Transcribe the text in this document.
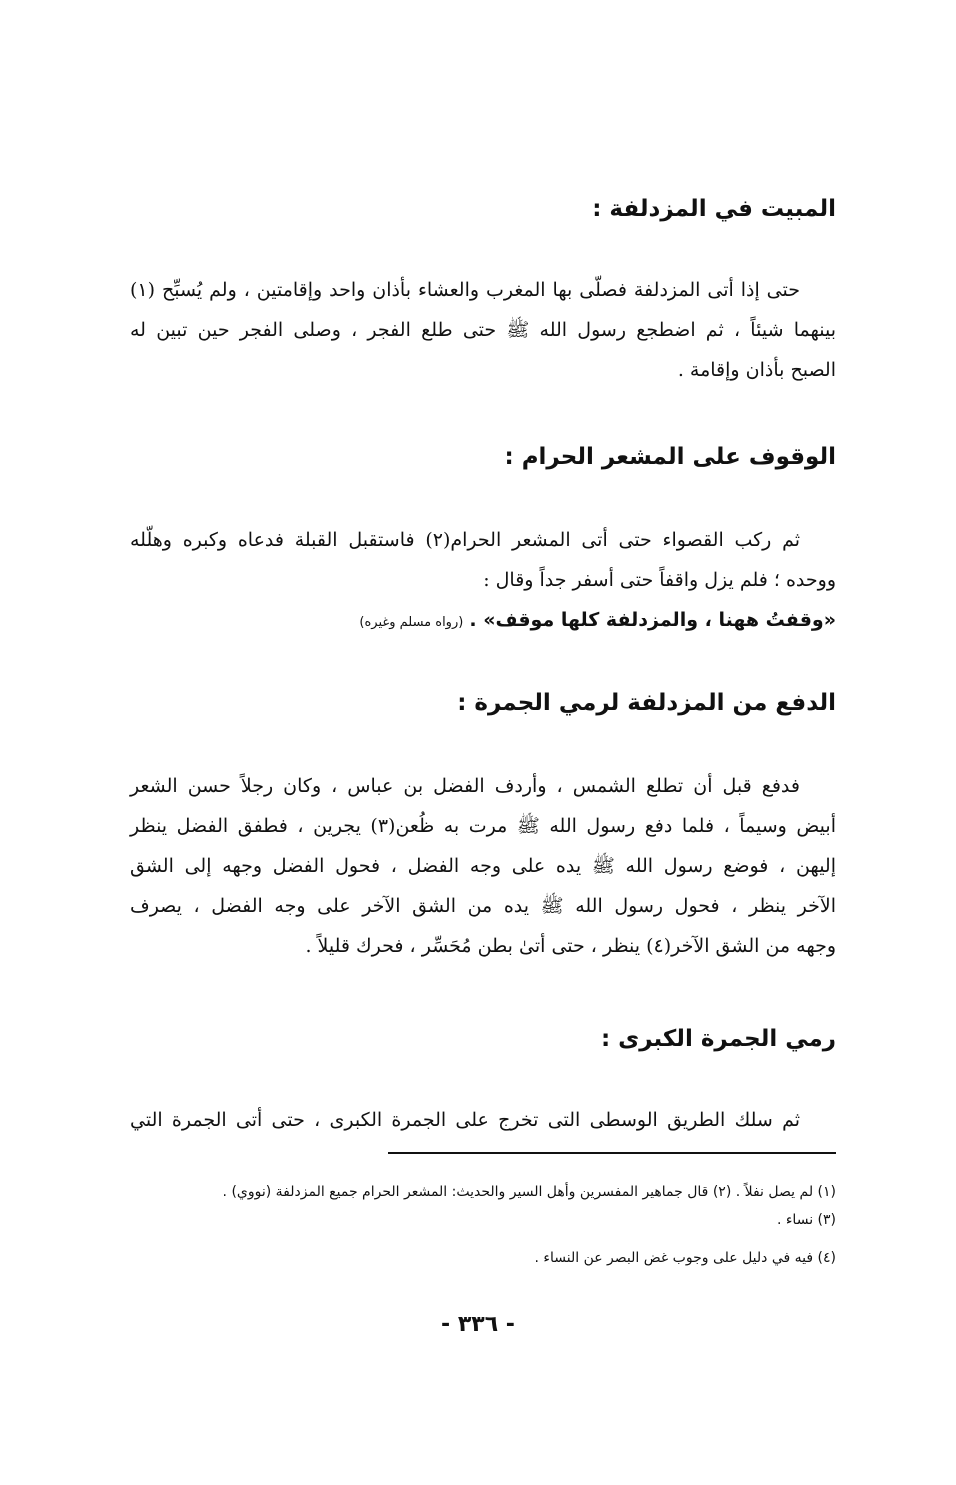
المبيت في المزدلفة :
حتى إذا أتى المزدلفة فصلّى بها المغرب والعشاء بأذان واحد وإقامتين ، ولم يُسبِّح (١)
بينهما شيئاً ، ثم اضطجع رسول الله ﷺ حتى طلع الفجر ، وصلى الفجر حين تبين له
الصبح بأذان وإقامة .
الوقوف على المشعر الحرام :
ثم ركب القصواء حتى أتى المشعر الحرام(٢) فاستقبل القبلة فدعاه وكبره وهلّله
ووحده ؛ فلم يزل واقفاً حتى أسفر جداً وقال :
«وقفتُ ههنا ، والمزدلفة كلها موقف» . (رواه مسلم وغيره)
الدفع من المزدلفة لرمي الجمرة :
فدفع قبل أن تطلع الشمس ، وأردف الفضل بن عباس ، وكان رجلاً حسن الشعر
أبيض وسيماً ، فلما دفع رسول الله ﷺ مرت به ظُعن(٣) يجرين ، فطفق الفضل ينظر
إليهن ، فوضع رسول الله ﷺ يده على وجه الفضل ، فحول الفضل وجهه إلى الشق
الآخر ينظر ، فحول رسول الله ﷺ يده من الشق الآخر على وجه الفضل ، يصرف
وجهه من الشق الآخر(٤) ينظر ، حتى أتىٰ بطن مُحَسِّر ، فحرك قليلاً .
رمي الجمرة الكبرى :
ثم سلك الطريق الوسطى التى تخرج على الجمرة الكبرى ، حتى أتى الجمرة التي
(١) لم يصل نفلاً . (٢) قال جماهير المفسرين وأهل السير والحديث: المشعر الحرام جميع المزدلفة (نووي) .
(٣) نساء .
(٤) فيه في دليل على وجوب غض البصر عن النساء .
- ٣٣٦ -
